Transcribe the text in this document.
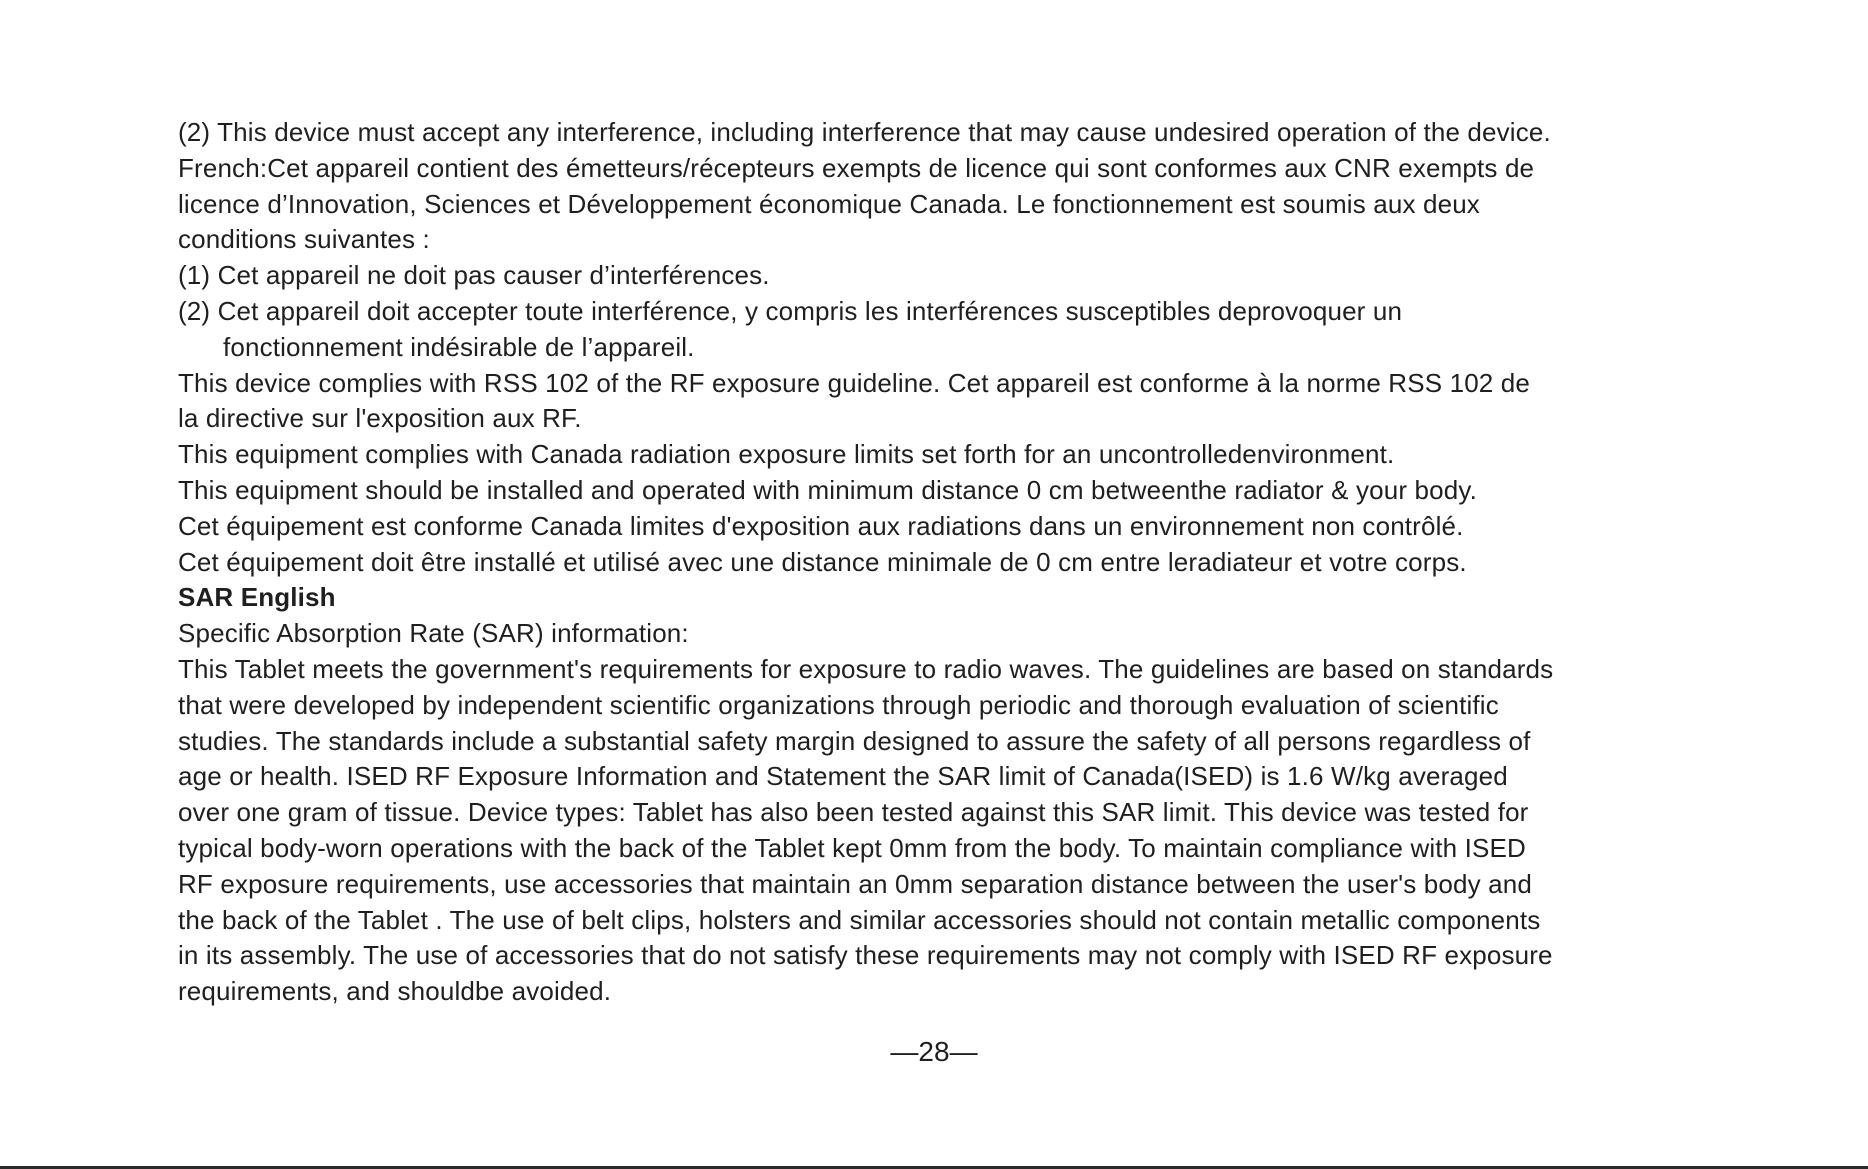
(2) This device must accept any interference, including interference that may cause undesired operation of the device.
French:Cet appareil contient des émetteurs/récepteurs exempts de licence qui sont conformes aux CNR exempts de
licence d’Innovation, Sciences et Développement économique Canada. Le fonctionnement est soumis aux deux
conditions suivantes :
(1) Cet appareil ne doit pas causer d’interférences.
(2) Cet appareil doit accepter toute interférence, y compris les interférences susceptibles deprovoquer un
fonctionnement indésirable de l’appareil.
This device complies with RSS 102 of the RF exposure guideline. Cet appareil est conforme à la norme RSS 102 de
la directive sur l'exposition aux RF.
This equipment complies with Canada radiation exposure limits set forth for an uncontrolledenvironment.
This equipment should be installed and operated with minimum distance 0 cm betweenthe radiator & your body.
Cet équipement est conforme Canada limites d'exposition aux radiations dans un environnement non contrôlé.
Cet équipement doit être installé et utilisé avec une distance minimale de 0 cm entre leradiateur et votre corps.
SAR English
Specific Absorption Rate (SAR) information:
This Tablet meets the government's requirements for exposure to radio waves. The guidelines are based on standards
that were developed by independent scientific organizations through periodic and thorough evaluation of scientific
studies. The standards include a substantial safety margin designed to assure the safety of all persons regardless of
age or health. ISED RF Exposure Information and Statement the SAR limit of Canada(ISED) is 1.6 W/kg averaged
over one gram of tissue. Device types: Tablet has also been tested against this SAR limit. This device was tested for
typical body-worn operations with the back of the Tablet kept 0mm from the body. To maintain compliance with ISED
RF exposure requirements, use accessories that maintain an 0mm separation distance between the user's body and
the back of the Tablet . The use of belt clips, holsters and similar accessories should not contain metallic components
in its assembly. The use of accessories that do not satisfy these requirements may not comply with ISED RF exposure
requirements, and shouldbe avoided.
—28—
